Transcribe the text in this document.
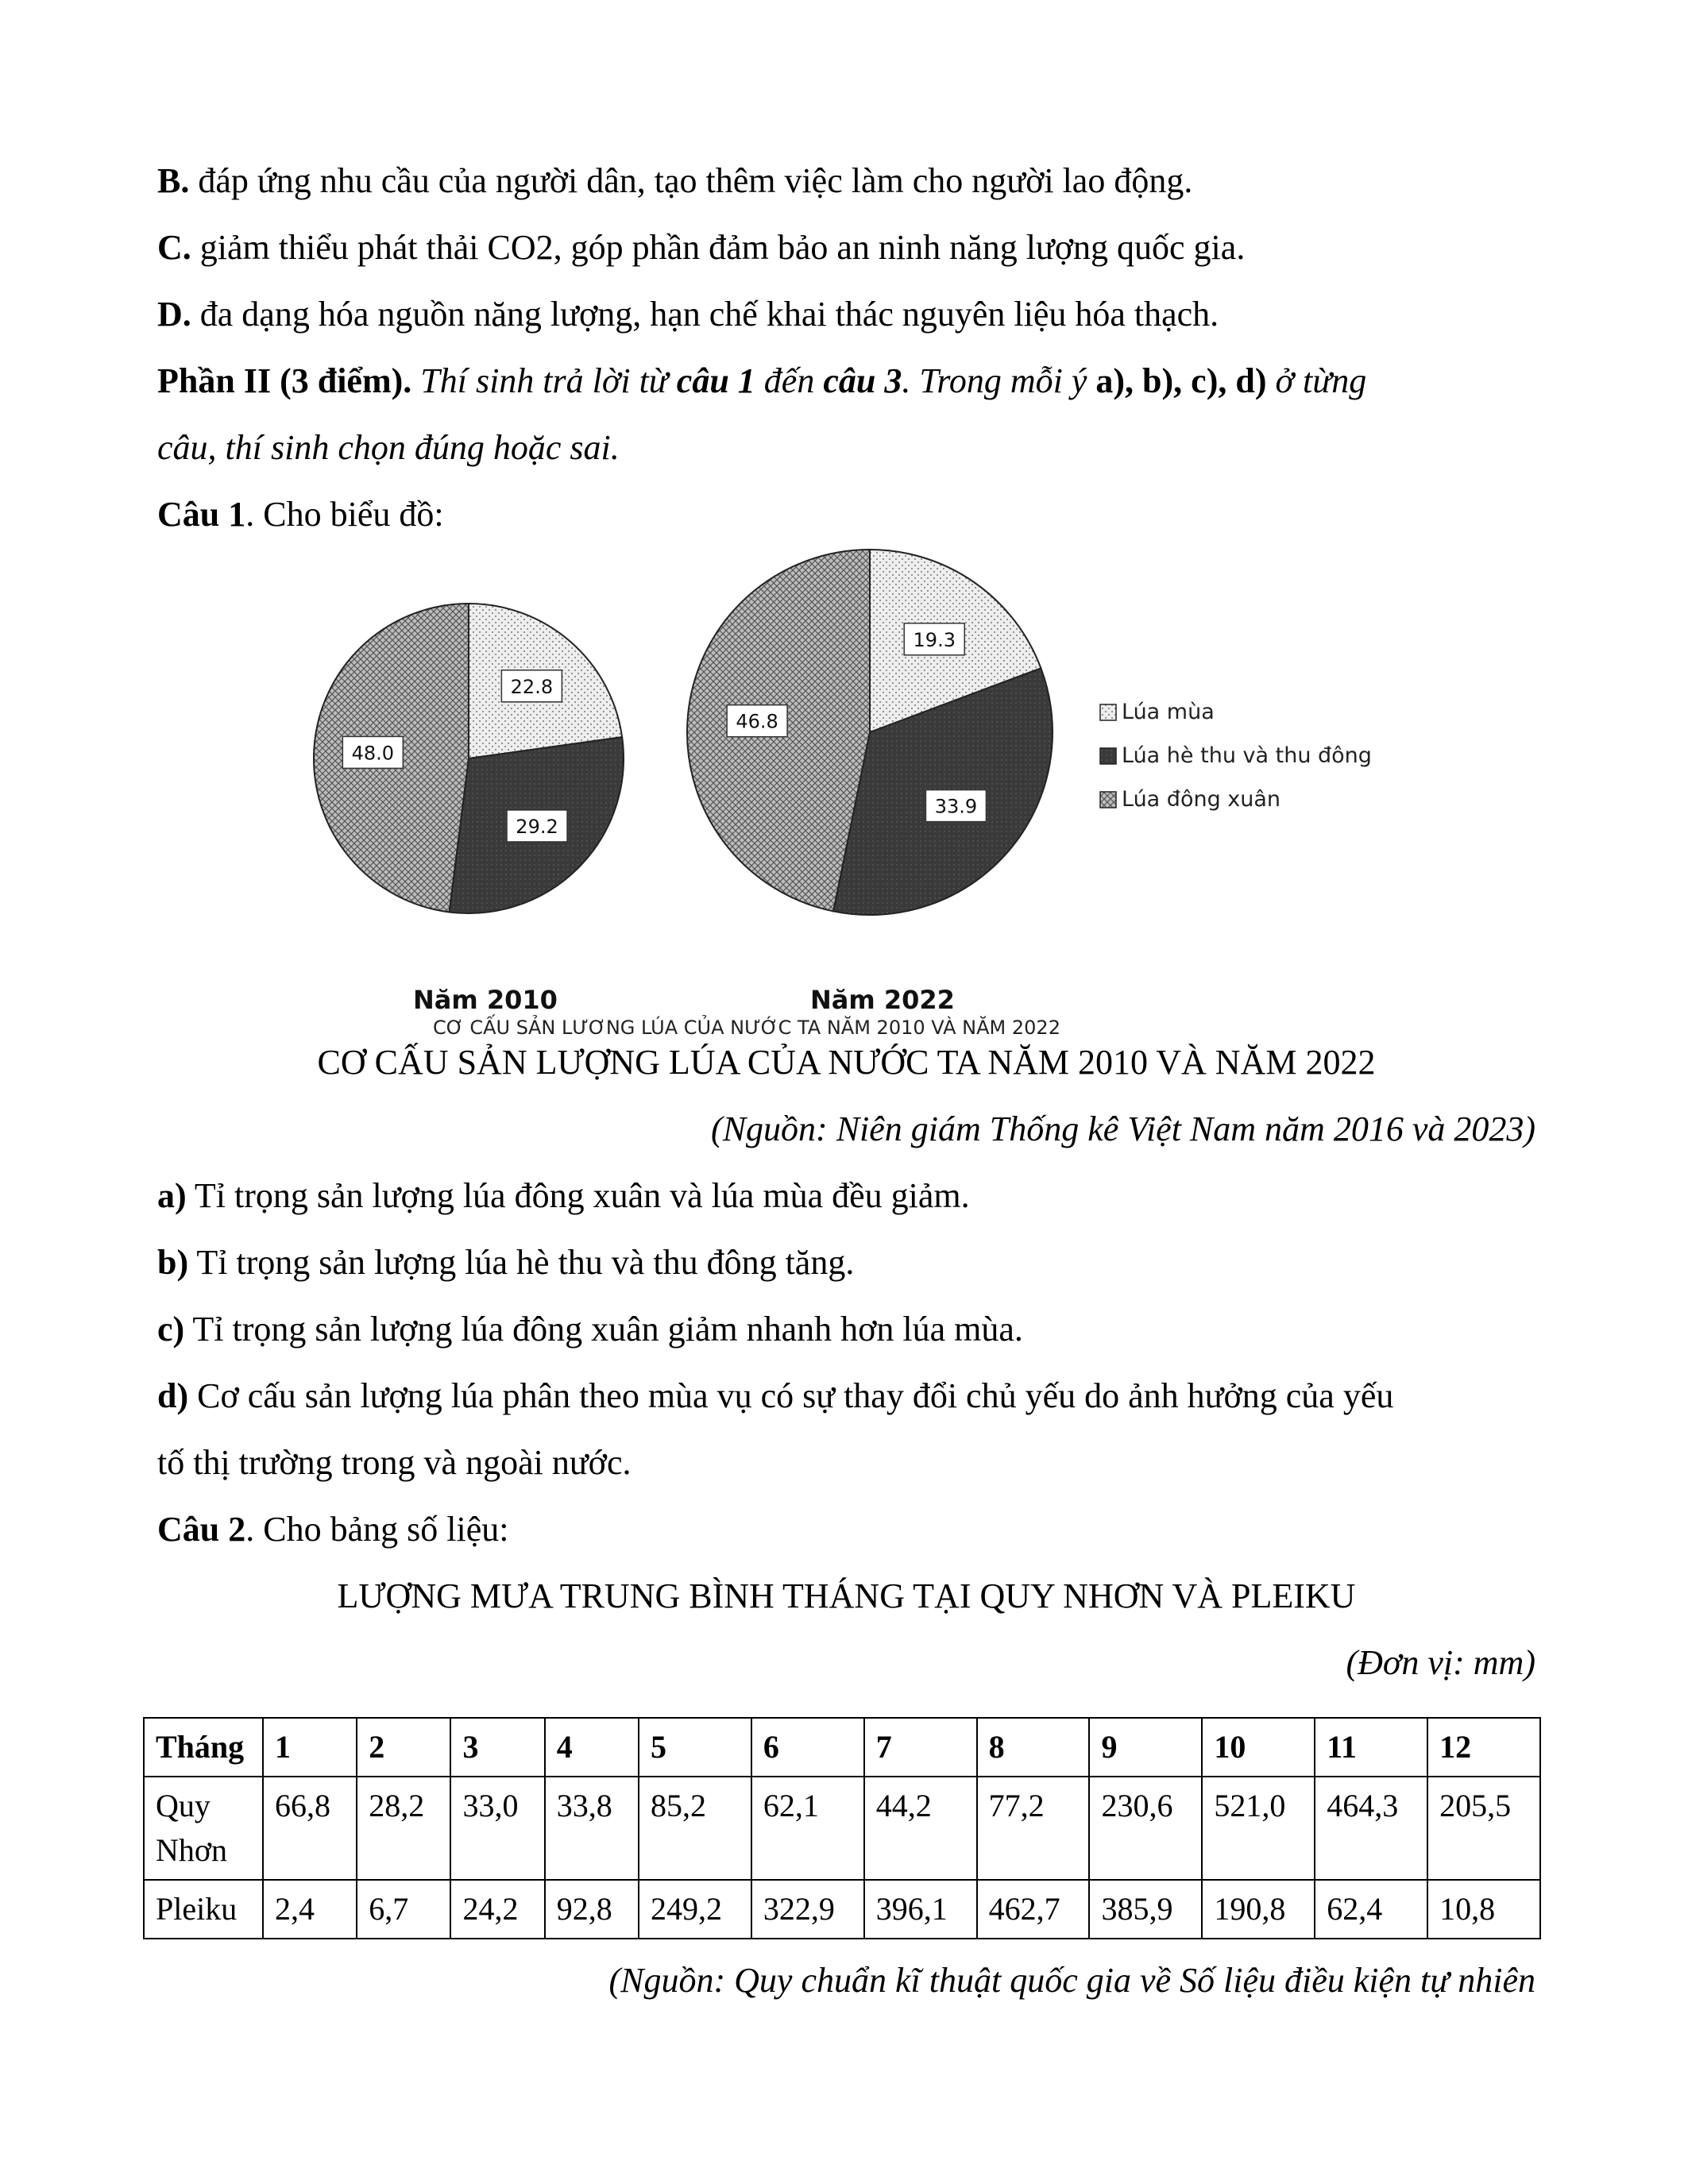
B. đáp ứng nhu cầu của người dân, tạo thêm việc làm cho người lao động.
C. giảm thiểu phát thải CO2, góp phần đảm bảo an ninh năng lượng quốc gia.
D. đa dạng hóa nguồn năng lượng, hạn chế khai thác nguyên liệu hóa thạch.
Phần II (3 điểm). Thí sinh trả lời từ câu 1 đến câu 3. Trong mỗi ý a), b), c), d) ở từng
câu, thí sinh chọn đúng hoặc sai.
Câu 1. Cho biểu đồ:
22.8
29.2
48.0
Năm 2010
19.3
33.9
46.8
Năm 2022
Lúa mùa
Lúa hè thu và thu đông
Lúa đông xuân
CƠ CẤU SẢN LƯƠNG LÚA CỦA NƯỚC TA NĂM 2010 VÀ NĂM 2022
CƠ CẤU SẢN LƯỢNG LÚA CỦA NƯỚC TA NĂM 2010 VÀ NĂM 2022
(Nguồn: Niên giám Thống kê Việt Nam năm 2016 và 2023)
a) Tỉ trọng sản lượng lúa đông xuân và lúa mùa đều giảm.
b) Tỉ trọng sản lượng lúa hè thu và thu đông tăng.
c) Tỉ trọng sản lượng lúa đông xuân giảm nhanh hơn lúa mùa.
d) Cơ cấu sản lượng lúa phân theo mùa vụ có sự thay đổi chủ yếu do ảnh hưởng của yếu
tố thị trường trong và ngoài nước.
Câu 2. Cho bảng số liệu:
LƯỢNG MƯA TRUNG BÌNH THÁNG TẠI QUY NHƠN VÀ PLEIKU
(Đơn vị: mm)
Tháng	1	2	3	4	5	6	7	8	9	10	11	12
Quy
Nhơn	66,8	28,2	33,0	33,8	85,2	62,1	44,2	77,2	230,6	521,0	464,3	205,5
Pleiku	2,4	6,7	24,2	92,8	249,2	322,9	396,1	462,7	385,9	190,8	62,4	10,8
(Nguồn: Quy chuẩn kĩ thuật quốc gia về Số liệu điều kiện tự nhiên
